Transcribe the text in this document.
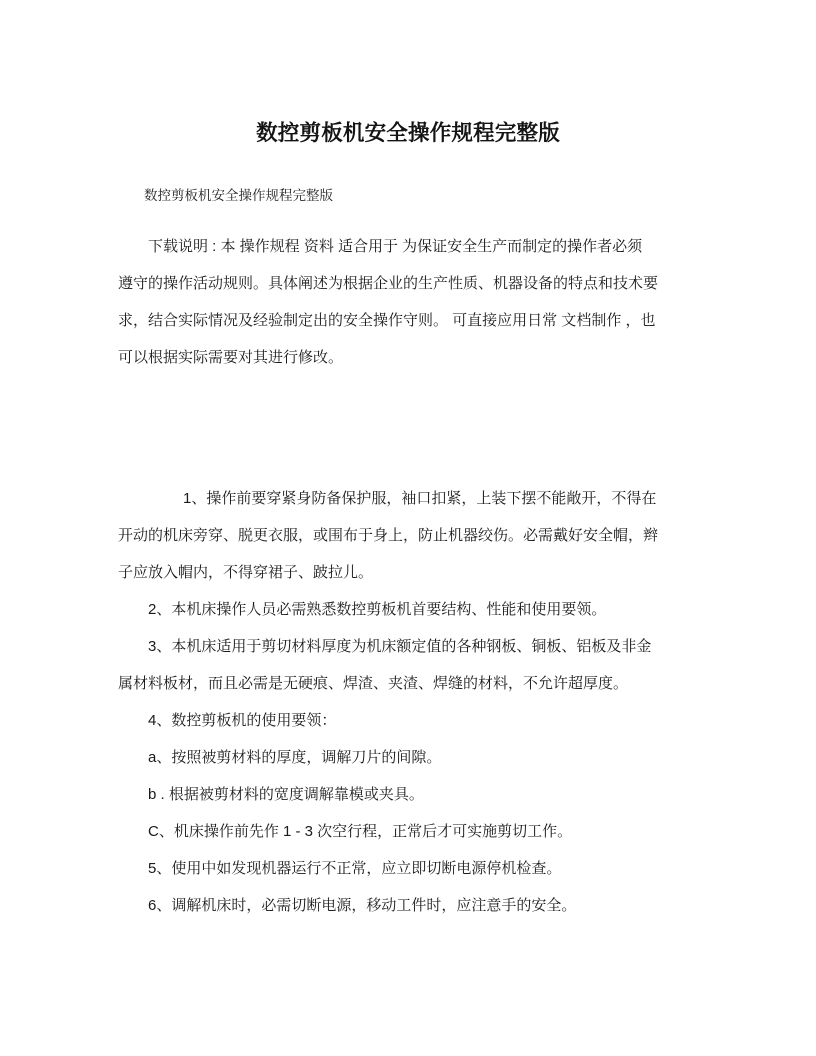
数控剪板机安全操作规程完整版

数控剪板机安全操作规程完整版

下载说明 : 本 操作规程 资料 适合用于 为保证安全生产而制定的操作者必须

遵守的操作活动规则。具体阐述为根据企业的生产性质、机器设备的特点和技术要

求，结合实际情况及经验制定出的安全操作守则。 可直接应用日常 文档制作 ，也

可以根据实际需要对其进行修改。

1、操作前要穿紧身防备保护服，袖口扣紧，上装下摆不能敞开，不得在

开动的机床旁穿、脱更衣服，或围布于身上，防止机器绞伤。必需戴好安全帽，辫

子应放入帽内，不得穿裙子、跛拉儿。

2、本机床操作人员必需熟悉数控剪板机首要结构、性能和使用要领。

3、本机床适用于剪切材料厚度为机床额定值的各种钢板、铜板、铝板及非金

属材料板材，而且必需是无硬痕、焊渣、夹渣、焊缝的材料，不允许超厚度。

4、数控剪板机的使用要领：

a、按照被剪材料的厚度，调解刀片的间隙。

b . 根据被剪材料的宽度调解靠模或夹具。

C、机床操作前先作 1 - 3 次空行程，正常后才可实施剪切工作。

5、使用中如发现机器运行不正常，应立即切断电源停机检查。

6、调解机床时，必需切断电源，移动工件时，应注意手的安全。
